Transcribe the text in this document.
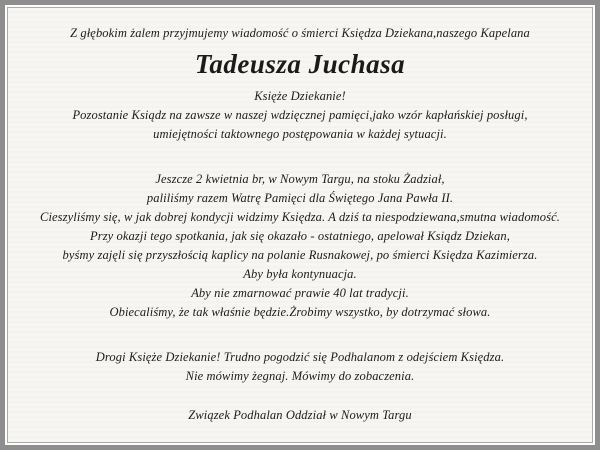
Z głębokim żalem przyjmujemy wiadomość o śmierci Księdza Dziekana,naszego Kapelana
Tadeusza Juchasa
Księże Dziekanie!
Pozostanie Ksiądz na zawsze w naszej wdzięcznej pamięci,jako wzór kapłańskiej posługi,
umiejętności taktownego postępowania w każdej sytuacji.
Jeszcze 2 kwietnia br, w Nowym Targu, na stoku Żadział,
paliliśmy razem Watrę Pamięci dla Świętego Jana Pawła II.
Cieszyliśmy się, w jak dobrej kondycji widzimy Księdza. A dziś ta niespodziewana,smutna wiadomość.
Przy okazji tego spotkania, jak się okazało - ostatniego, apelował Ksiądz Dziekan,
byśmy zajęli się przyszłością kaplicy na polanie Rusnakowej, po śmierci Księdza Kazimierza.
Aby była kontynuacja.
Aby nie zmarnować prawie 40 lat tradycji.
Obiecaliśmy, że tak właśnie będzie.Żrobimy wszystko, by dotrzymać słowa.
Drogi Księże Dziekanie! Trudno pogodzić się Podhalanom z odejściem Księdza.
Nie mówimy żegnaj. Mówimy do zobaczenia.
Związek Podhalan Oddział w Nowym Targu
